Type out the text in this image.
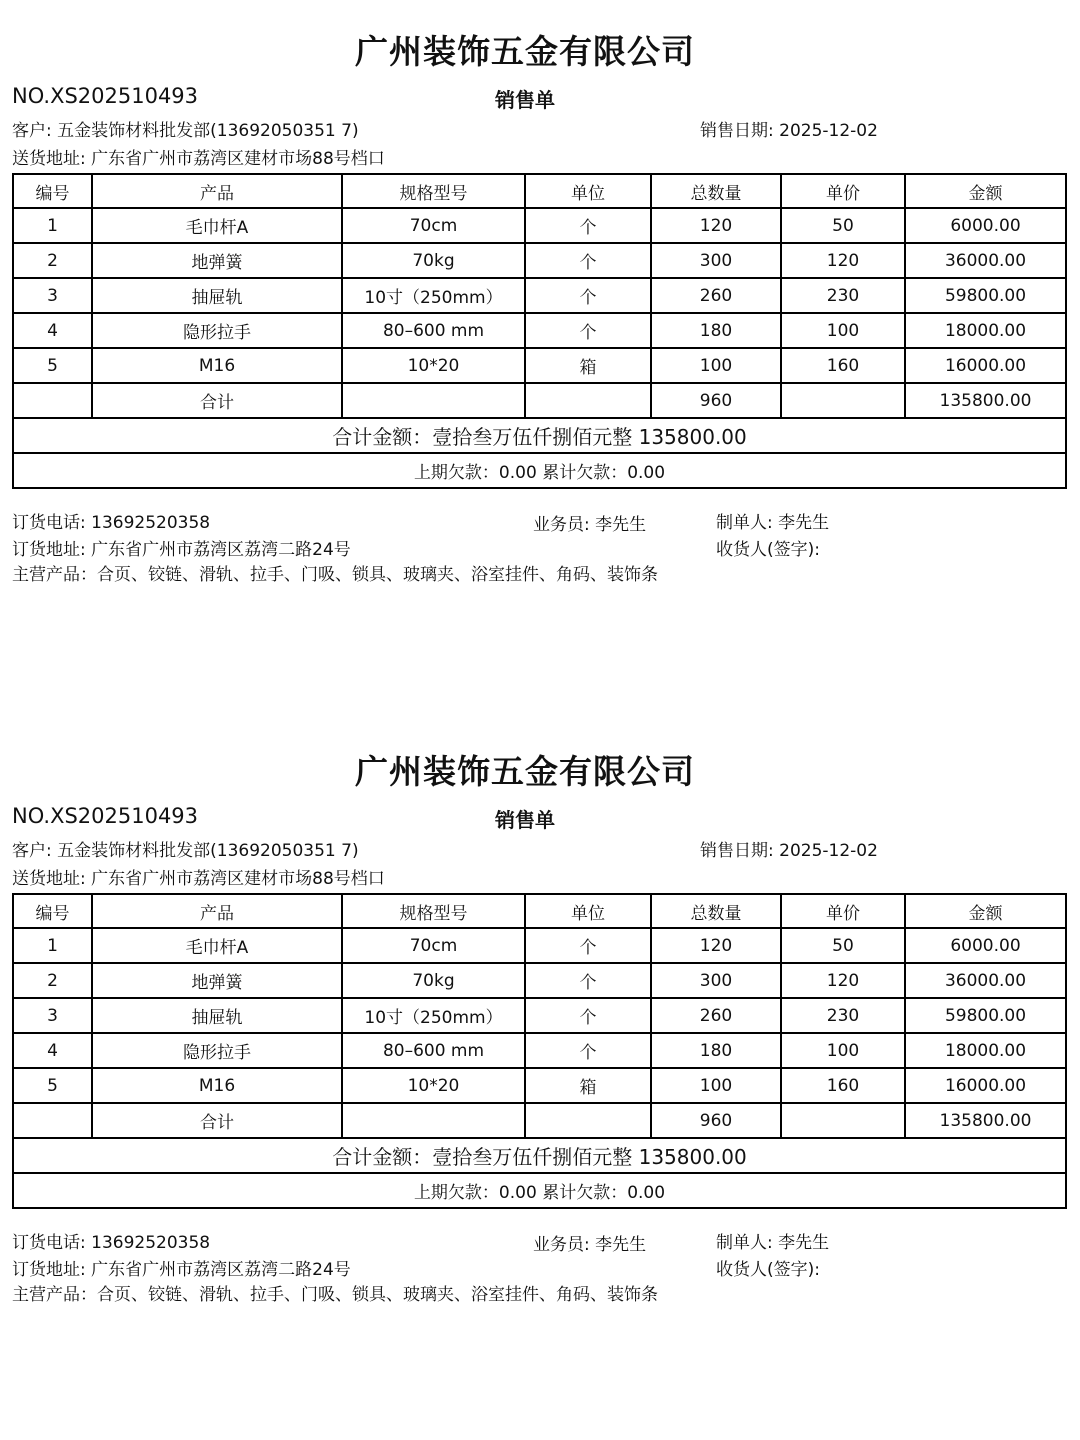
广州装饰五金有限公司
NO.XS202510493	销售单
客户: 五金装饰材料批发部(13692050351 7)	销售日期: 2025-12-02
送货地址: 广东省广州市荔湾区建材市场88号档口
编号	产品	规格型号	单位	总数量	单价	金额
1	毛巾杆A	70cm	个	120	50	6000.00
2	地弹簧	70kg	个	300	120	36000.00
3	抽屉轨	10寸（250mm）	个	260	230	59800.00
4	隐形拉手	80–600 mm	个	180	100	18000.00
5	M16	10*20	箱	100	160	16000.00
	合计			960		135800.00
合计金额：壹拾叁万伍仟捌佰元整 135800.00						
上期欠款：0.00 累计欠款：0.00						
订货电话: 13692520358	业务员: 李先生	制单人: 李先生
订货地址: 广东省广州市荔湾区荔湾二路24号	收货人(签字):
主营产品：合页、铰链、滑轨、拉手、门吸、锁具、玻璃夹、浴室挂件、角码、装饰条
广州装饰五金有限公司
NO.XS202510493	销售单
客户: 五金装饰材料批发部(13692050351 7)	销售日期: 2025-12-02
送货地址: 广东省广州市荔湾区建材市场88号档口
编号	产品	规格型号	单位	总数量	单价	金额
1	毛巾杆A	70cm	个	120	50	6000.00
2	地弹簧	70kg	个	300	120	36000.00
3	抽屉轨	10寸（250mm）	个	260	230	59800.00
4	隐形拉手	80–600 mm	个	180	100	18000.00
5	M16	10*20	箱	100	160	16000.00
	合计			960		135800.00
合计金额：壹拾叁万伍仟捌佰元整 135800.00						
上期欠款：0.00 累计欠款：0.00						
订货电话: 13692520358	业务员: 李先生	制单人: 李先生
订货地址: 广东省广州市荔湾区荔湾二路24号	收货人(签字):
主营产品：合页、铰链、滑轨、拉手、门吸、锁具、玻璃夹、浴室挂件、角码、装饰条
